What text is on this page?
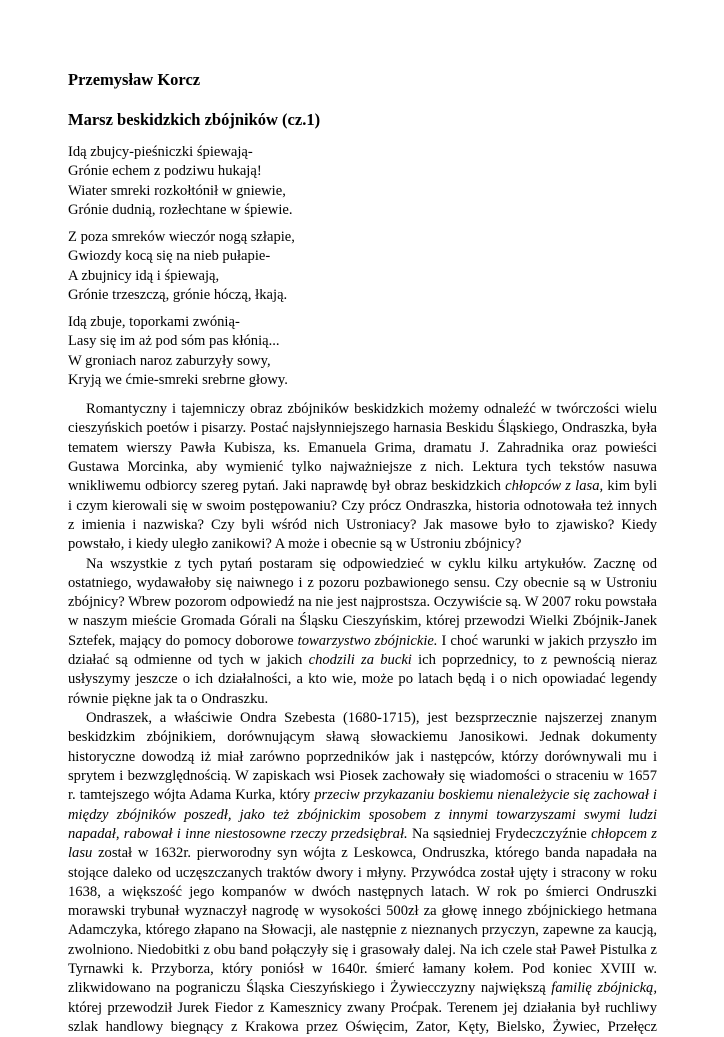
Przemysław Korcz
Marsz beskidzkich zbójników (cz.1)
Idą zbujcy-pieśniczki śpiewają-
Grónie echem z podziwu hukają!
Wiater smreki rozkołtónił w gniewie,
Grónie dudnią, rozłechtane w śpiewie.
Z poza smreków wieczór nogą szłapie,
Gwiozdy kocą się na nieb pułapie-
A zbujnicy idą i śpiewają,
Grónie trzeszczą, grónie hóczą, łkają.
Idą zbuje, toporkami zwónią-
Lasy się im aż pod sóm pas kłónią...
W groniach naroz zaburzyły sowy,
Kryją we ćmie-smreki srebrne głowy.

Romantyczny i tajemniczy obraz zbójników beskidzkich możemy odnaleźć w twórczości wielu cieszyńskich poetów i pisarzy. Postać najsłynniejszego harnasia Beskidu Śląskiego, Ondraszka, była tematem wierszy Pawła Kubisza, ks. Emanuela Grima, dramatu J. Zahradnika oraz powieści Gustawa Morcinka, aby wymienić tylko najważniejsze z nich. Lektura tych tekstów nasuwa wnikliwemu odbiorcy szereg pytań. Jaki naprawdę był obraz beskidzkich chłopców z lasa, kim byli i czym kierowali się w swoim postępowaniu? Czy prócz Ondraszka, historia odnotowała też innych z imienia i nazwiska? Czy byli wśród nich Ustroniacy? Jak masowe było to zjawisko? Kiedy powstało, i kiedy uległo zanikowi? A może i obecnie są w Ustroniu zbójnicy?

Na wszystkie z tych pytań postaram się odpowiedzieć w cyklu kilku artykułów. Zacznę od ostatniego, wydawałoby się naiwnego i z pozoru pozbawionego sensu. Czy obecnie są w Ustroniu zbójnicy? Wbrew pozorom odpowiedź na nie jest najprostsza. Oczywiście są. W 2007 roku powstała w naszym mieście Gromada Górali na Śląsku Cieszyńskim, której przewodzi Wielki Zbójnik-Janek Sztefek, mający do pomocy doborowe towarzystwo zbójnickie. I choć warunki w jakich przyszło im działać są odmienne od tych w jakich chodzili za bucki ich poprzednicy, to z pewnością nieraz usłyszymy jeszcze o ich działalności, a kto wie, może po latach będą i o nich opowiadać legendy równie piękne jak ta o Ondraszku.

Ondraszek, a właściwie Ondra Szebesta (1680-1715), jest bezsprzecznie najszerzej znanym beskidzkim zbójnikiem, dorównującym sławą słowackiemu Janosikowi. Jednak dokumenty historyczne dowodzą iż miał zarówno poprzedników jak i następców, którzy dorównywali mu i sprytem i bezwzględnością. W zapiskach wsi Piosek zachowały się wiadomości o straceniu w 1657 r. tamtejszego wójta Adama Kurka, który przeciw przykazaniu boskiemu nienależycie się zachował i między zbójników poszedł, jako też zbójnickim sposobem z innymi towarzyszami swymi ludzi napadał, rabował i inne niestosowne rzeczy przedsiębrał. Na sąsiedniej Frydeczczyźnie chłopcem z lasu został w 1632r. pierworodny syn wójta z Leskowca, Ondruszka, którego banda napadała na stojące daleko od uczęszczanych traktów dwory i młyny. Przywódca został ujęty i stracony w roku 1638, a większość jego kompanów w dwóch następnych latach. W rok po śmierci Ondruszki morawski trybunał wyznaczył nagrodę w wysokości 500zł za głowę innego zbójnickiego hetmana Adamczyka, którego złapano na Słowacji, ale następnie z nieznanych przyczyn, zapewne za kaucją, zwolniono. Niedobitki z obu band połączyły się i grasowały dalej. Na ich czele stał Paweł Pistulka z Tyrnawki k. Przyborza, który poniósł w 1640r. śmierć łamany kołem. Pod koniec XVIII w. zlikwidowano na pograniczu Śląska Cieszyńskiego i Żywiecczyzny największą familię zbójnicką, której przewodził Jurek Fiedor z Kamesznicy zwany Proćpak. Terenem jej działania był ruchliwy szlak handlowy biegnący z Krakowa przez Oświęcim, Zator, Kęty, Bielsko, Żywiec, Przełęcz
